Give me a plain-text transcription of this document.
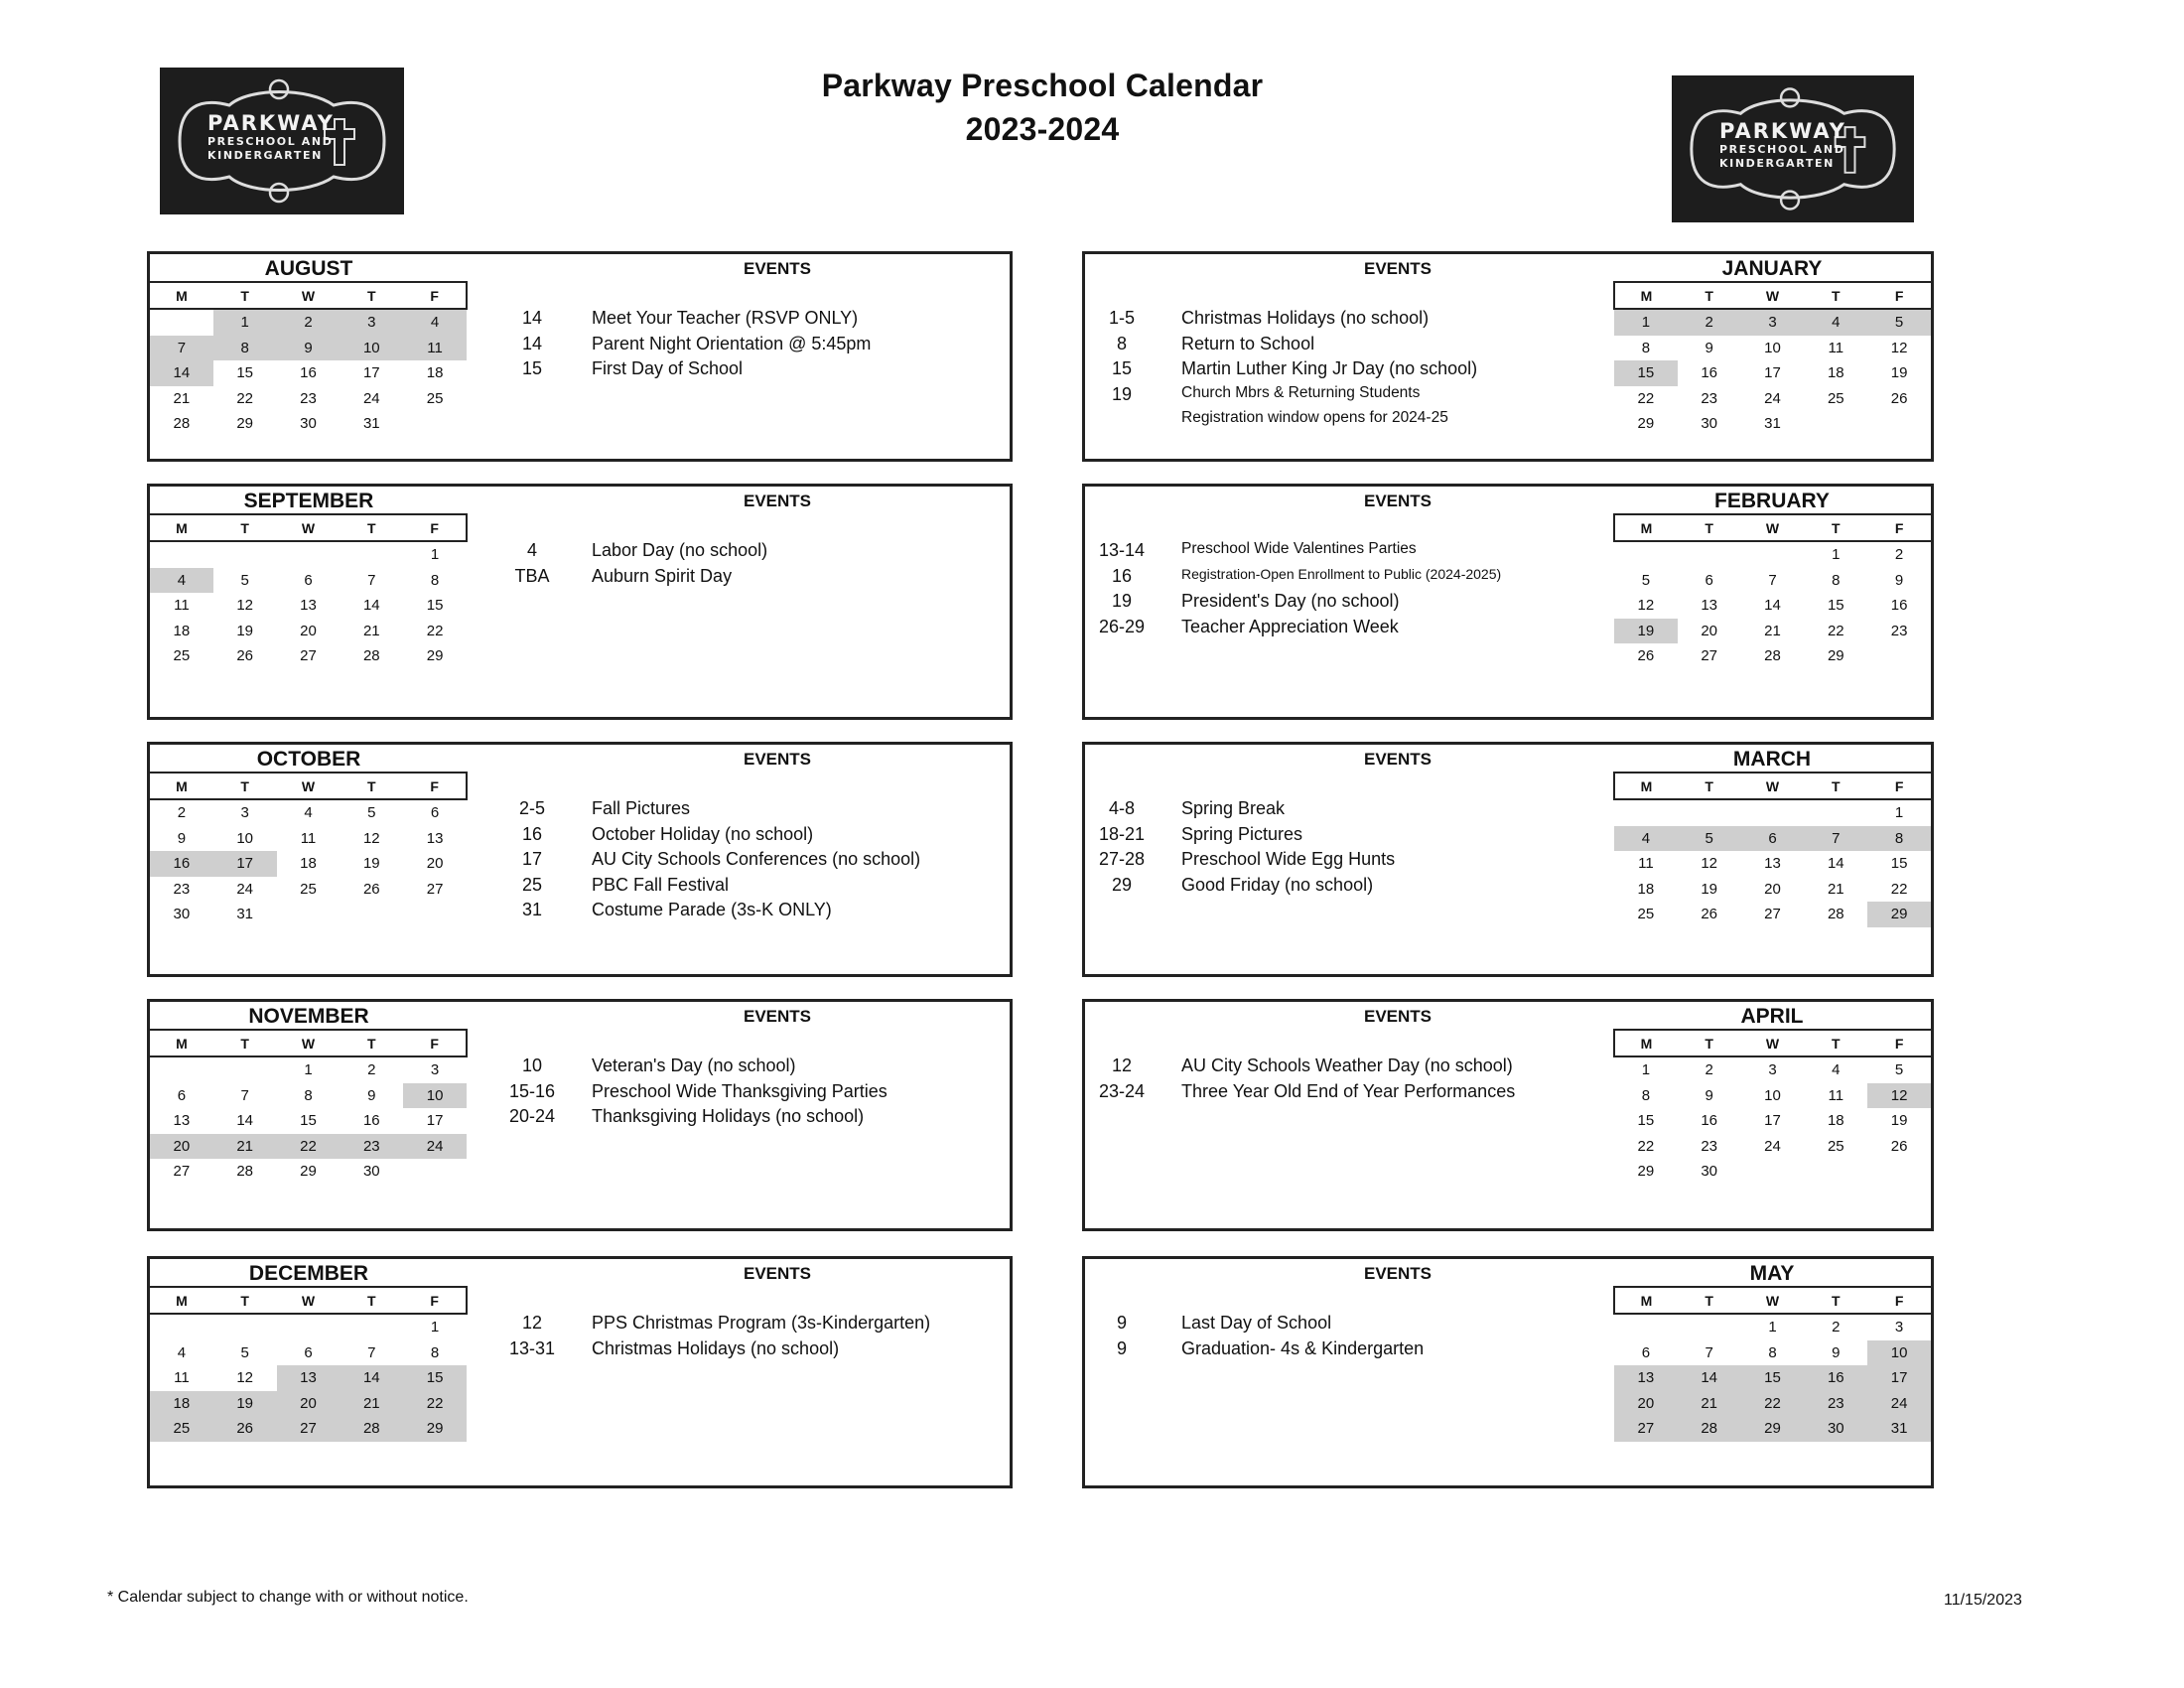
Parkway Preschool Calendar
2023-2024
PARKWAY
PRESCHOOL AND
KINDERGARTEN
PARKWAY
PRESCHOOL AND
KINDERGARTEN
AUGUST
M	T	W	T	F
	1	2	3	4
7	8	9	10	11
14	15	16	17	18
21	22	23	24	25
28	29	30	31	
EVENTS
14	Meet Your Teacher (RSVP ONLY)
14	Parent Night Orientation @ 5:45pm
15	First Day of School
SEPTEMBER
M	T	W	T	F
				1
4	5	6	7	8
11	12	13	14	15
18	19	20	21	22
25	26	27	28	29
EVENTS
4	Labor Day (no school)
TBA	Auburn Spirit Day
OCTOBER
M	T	W	T	F
2	3	4	5	6
9	10	11	12	13
16	17	18	19	20
23	24	25	26	27
30	31			
EVENTS
2-5	Fall Pictures
16	October Holiday (no school)
17	AU City Schools Conferences (no school)
25	PBC Fall Festival
31	Costume Parade (3s-K ONLY)
NOVEMBER
M	T	W	T	F
		1	2	3
6	7	8	9	10
13	14	15	16	17
20	21	22	23	24
27	28	29	30	
EVENTS
10	Veteran's Day (no school)
15-16	Preschool Wide Thanksgiving Parties
20-24	Thanksgiving Holidays (no school)
DECEMBER
M	T	W	T	F
				1
4	5	6	7	8
11	12	13	14	15
18	19	20	21	22
25	26	27	28	29
EVENTS
12	PPS Christmas Program (3s-Kindergarten)
13-31	Christmas Holidays (no school)
JANUARY
M	T	W	T	F
1	2	3	4	5
8	9	10	11	12
15	16	17	18	19
22	23	24	25	26
29	30	31		
EVENTS
1-5	Christmas Holidays (no school)
8	Return to School
15	Martin Luther King Jr Day (no school)
19	Church Mbrs & Returning Students
Registration window opens for 2024-25
FEBRUARY
M	T	W	T	F
			1	2
5	6	7	8	9
12	13	14	15	16
19	20	21	22	23
26	27	28	29	
EVENTS
13-14	Preschool Wide Valentines Parties
16	Registration-Open Enrollment to Public (2024-2025)
19	President's Day (no school)
26-29	Teacher Appreciation Week
MARCH
M	T	W	T	F
				1
4	5	6	7	8
11	12	13	14	15
18	19	20	21	22
25	26	27	28	29
EVENTS
4-8	Spring Break
18-21	Spring Pictures
27-28	Preschool Wide Egg Hunts
29	Good Friday (no school)
APRIL
M	T	W	T	F
1	2	3	4	5
8	9	10	11	12
15	16	17	18	19
22	23	24	25	26
29	30			
EVENTS
12	AU City Schools Weather Day (no school)
23-24	Three Year Old End of Year Performances
MAY
M	T	W	T	F
		1	2	3
6	7	8	9	10
13	14	15	16	17
20	21	22	23	24
27	28	29	30	31
EVENTS
9	Last Day of School
9	Graduation- 4s & Kindergarten
* Calendar subject to change with or without notice.	11/15/2023
